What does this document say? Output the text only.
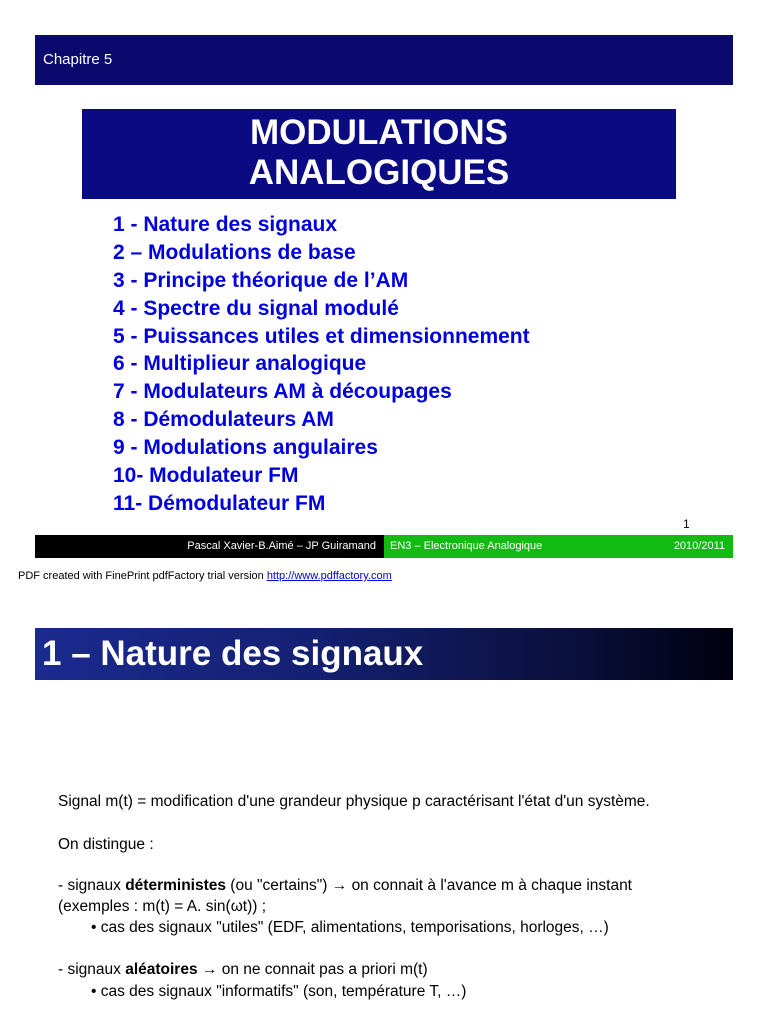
Chapitre 5
MODULATIONS
ANALOGIQUES
1 - Nature des signaux
2 – Modulations de base
3 - Principe théorique de l’AM
4 - Spectre du signal modulé
5 - Puissances utiles et dimensionnement
6 - Multiplieur analogique
7 - Modulateurs AM à découpages
8 - Démodulateurs AM
9 - Modulations angulaires
10- Modulateur FM
11- Démodulateur FM
1
Pascal Xavier-B.Aimé – JP Guiramand	EN3 – Electronique Analogique	2010/2011
PDF created with FinePrint pdfFactory trial version http://www.pdffactory.com
1 – Nature des signaux
Signal m(t) = modification d'une grandeur physique p caractérisant l'état d'un système.
On distingue :
- signaux déterministes (ou "certains") → on connait à l'avance m à chaque instant
(exemples : m(t) = A. sin(ωt)) ;
• cas des signaux "utiles" (EDF, alimentations, temporisations, horloges, …)
- signaux aléatoires → on ne connait pas a priori m(t)
• cas des signaux "informatifs" (son, température T, …)
